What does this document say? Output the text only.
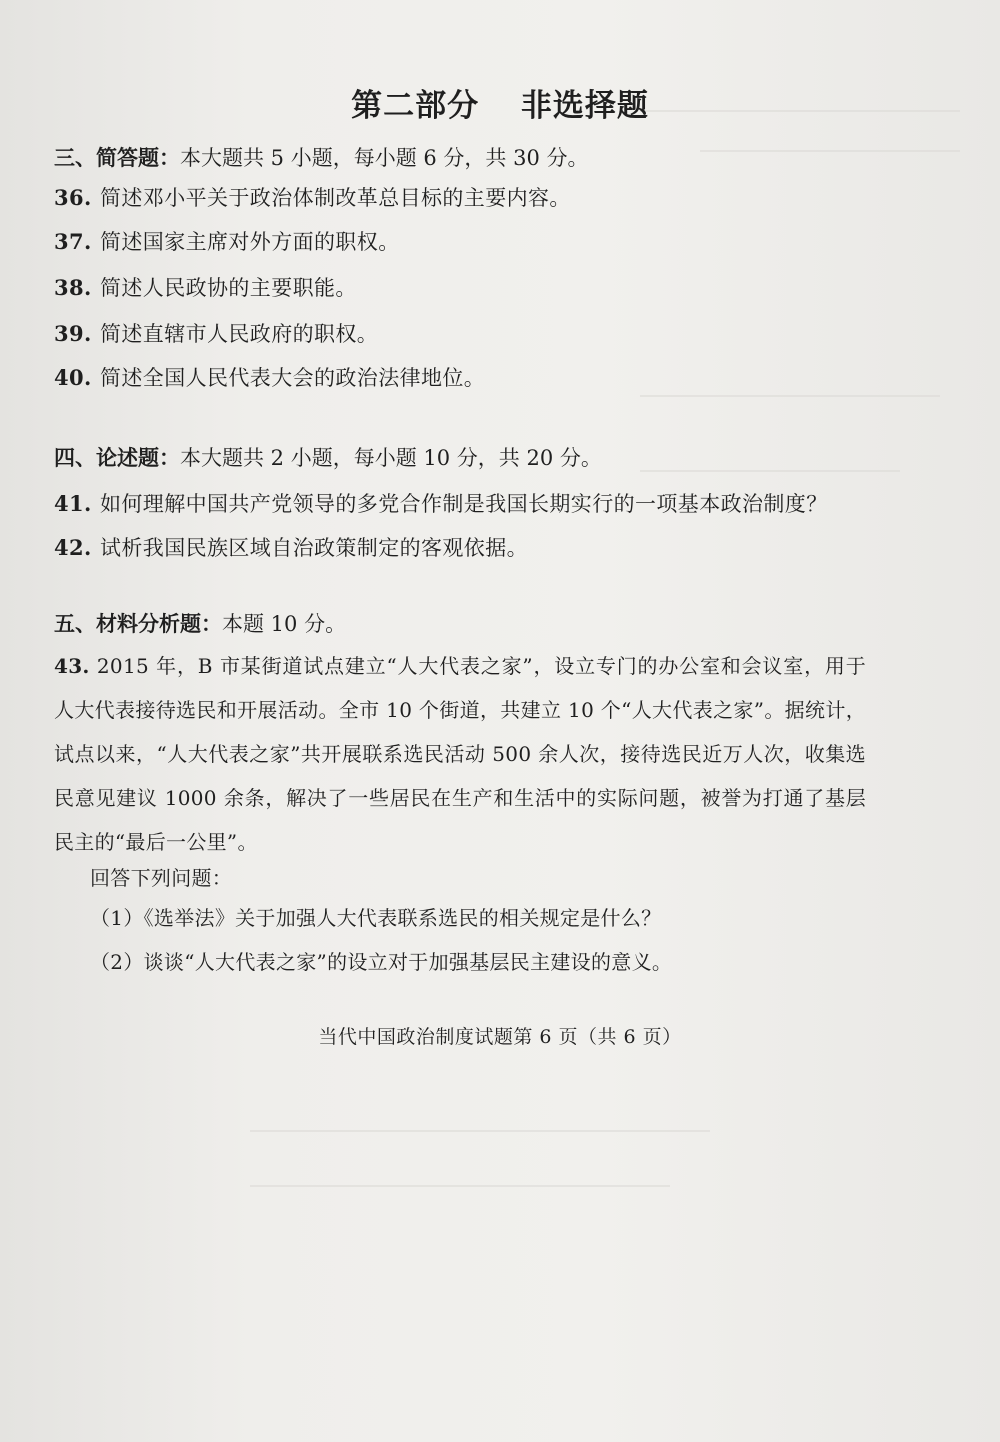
第二部分 非选择题
三、简答题：本大题共 5 小题，每小题 6 分，共 30 分。
36. 简述邓小平关于政治体制改革总目标的主要内容。
37. 简述国家主席对外方面的职权。
38. 简述人民政协的主要职能。
39. 简述直辖市人民政府的职权。
40. 简述全国人民代表大会的政治法律地位。
四、论述题：本大题共 2 小题，每小题 10 分，共 20 分。
41. 如何理解中国共产党领导的多党合作制是我国长期实行的一项基本政治制度？
42. 试析我国民族区域自治政策制定的客观依据。
五、材料分析题：本题 10 分。
43. 2015 年，B 市某街道试点建立“人大代表之家”，设立专门的办公室和会议室，用于人大代表接待选民和开展活动。全市 10 个街道，共建立 10 个“人大代表之家”。据统计，试点以来，“人大代表之家”共开展联系选民活动 500 余人次，接待选民近万人次，收集选民意见建议 1000 余条，解决了一些居民在生产和生活中的实际问题，被誉为打通了基层民主的“最后一公里”。
回答下列问题：
（1）《选举法》关于加强人大代表联系选民的相关规定是什么？
（2）谈谈“人大代表之家”的设立对于加强基层民主建设的意义。
当代中国政治制度试题第 6 页（共 6 页）
